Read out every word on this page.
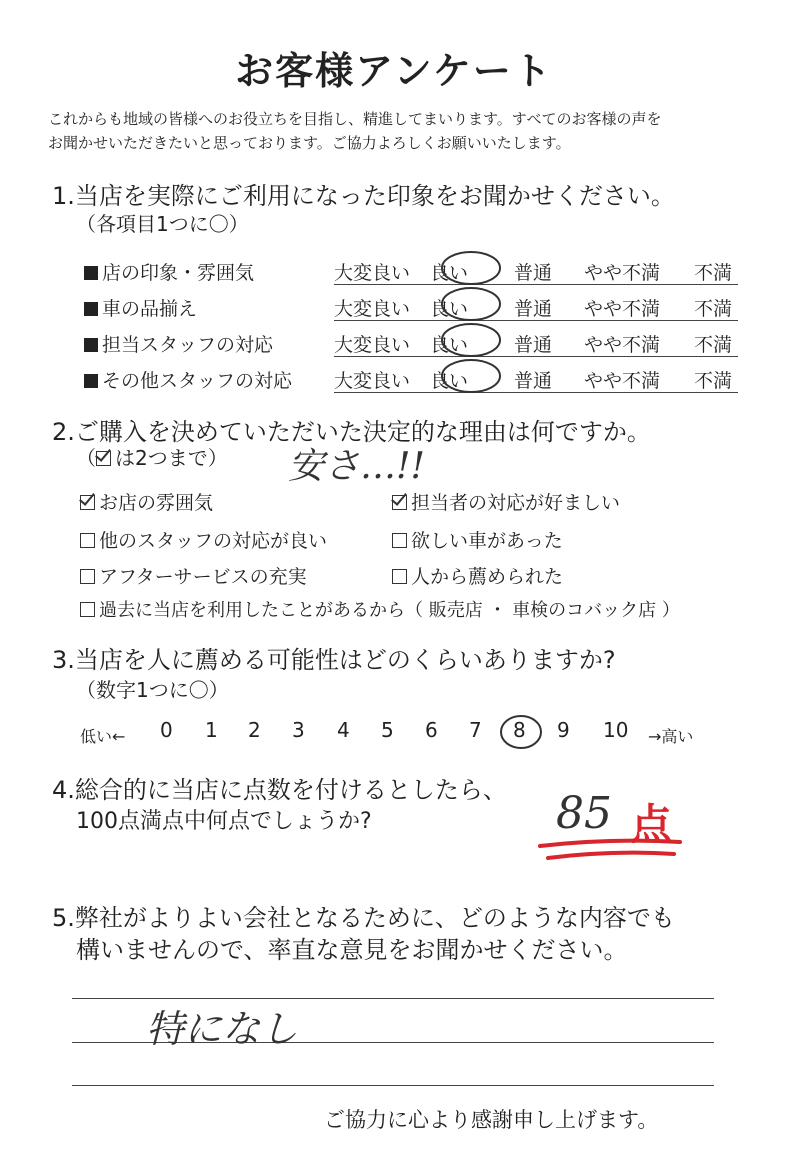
お客様アンケート
これからも地域の皆様へのお役立ちを目指し、精進してまいります。すべてのお客様の声を
お聞かせいただきたいと思っております。ご協力よろしくお願いいたします。
1.当店を実際にご利用になった印象をお聞かせください。
（各項目1つに〇）
店の印象・雰囲気	大変良い 良い 普通 やや不満 不満
車の品揃え	大変良い 良い 普通 やや不満 不満
担当スタッフの対応	大変良い 良い 普通 やや不満 不満
その他スタッフの対応 大変良い 良い 普通 やや不満 不満
2.ご購入を決めていただいた決定的な理由は何ですか。
（ は2つまで） 安さ…!!
お店の雰囲気	担当者の対応が好ましい
他のスタッフの対応が良い	欲しい車があった
アフターサービスの充実	人から薦められた
過去に当店を利用したことがあるから（ 販売店 ・ 車検のコバック店 ）
3.当店を人に薦める可能性はどのくらいありますか?
（数字1つに〇）
低い← 0 1 2 3 4 5 6 7 8 9 10 →高い
4.総合的に当店に点数を付けるとしたら、
100点満点中何点でしょうか?	85 点
5.弊社がよりよい会社となるために、どのような内容でも
構いませんので、率直な意見をお聞かせください。
特になし
ご協力に心より感謝申し上げます。
